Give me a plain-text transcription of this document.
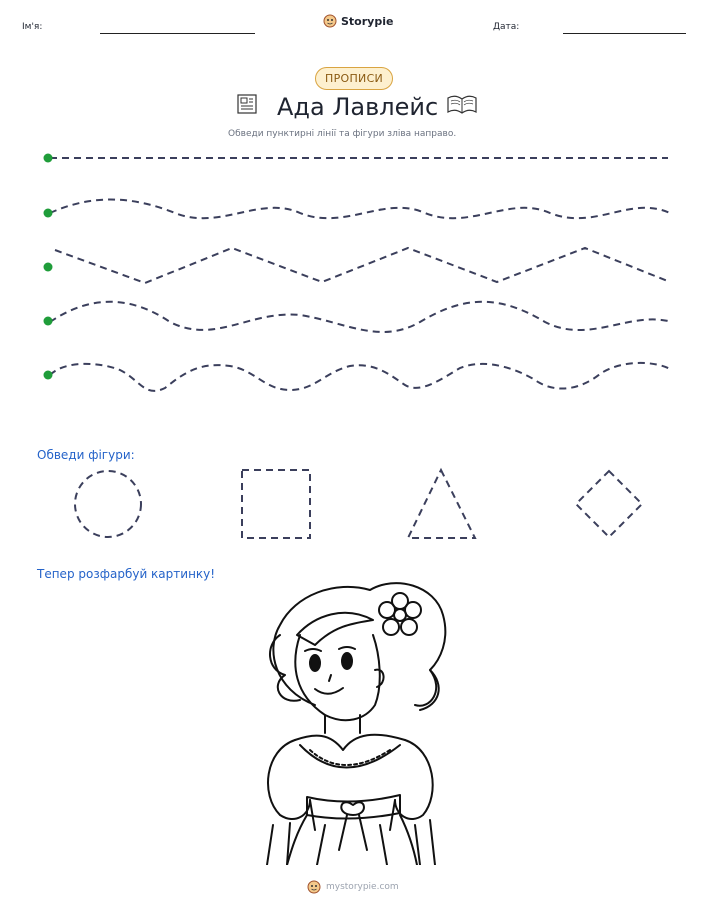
Ім'я:	Storypie	Дата:
ПРОПИСИ
Ада Лавлейс
Обведи пунктирні лінії та фігури зліва направо.
Обведи фігури:
Тепер розфарбуй картинку!
mystorypie.com
